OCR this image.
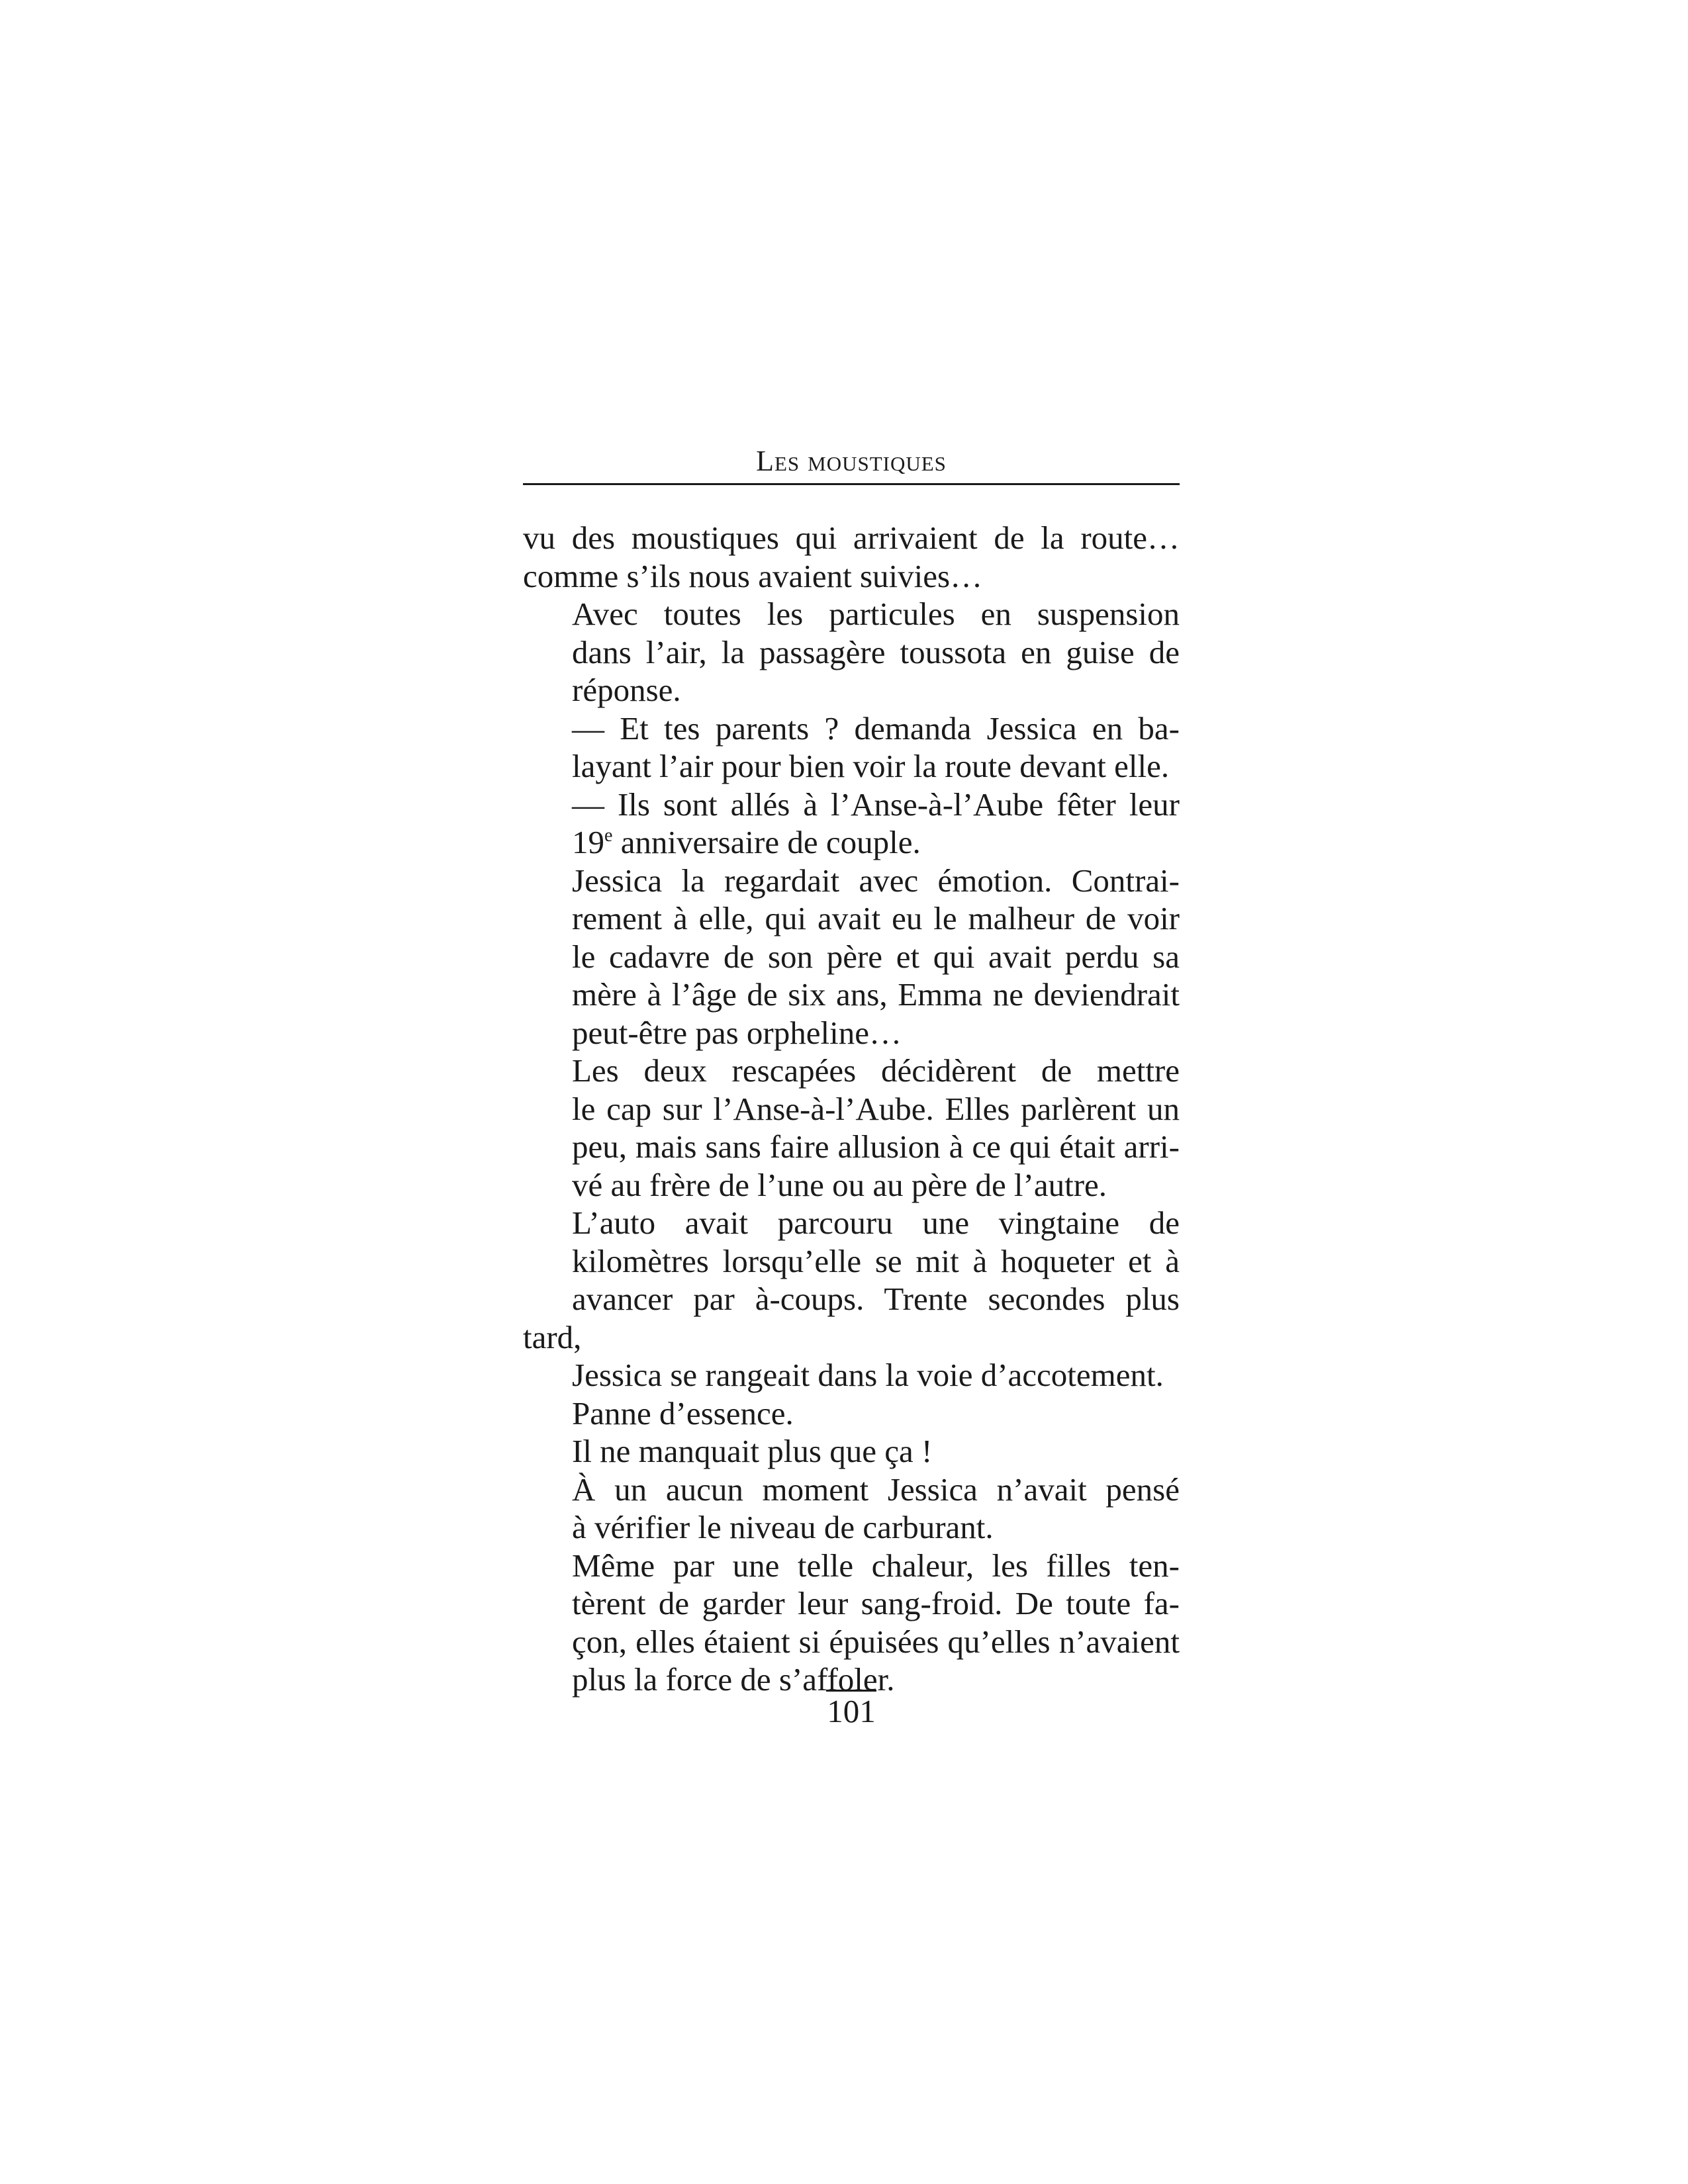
Les moustiques

vu des moustiques qui arrivaient de la route…
comme s’ils nous avaient suivies…

Avec toutes les particules en suspension
dans l’air, la passagère toussota en guise de
réponse.

— Et tes parents ? demanda Jessica en ba-
layant l’air pour bien voir la route devant elle.

— Ils sont allés à l’Anse-à-l’Aube fêter leur
19e anniversaire de couple.

Jessica la regardait avec émotion. Contrai-
rement à elle, qui avait eu le malheur de voir
le cadavre de son père et qui avait perdu sa
mère à l’âge de six ans, Emma ne deviendrait
peut-être pas orpheline…

Les deux rescapées décidèrent de mettre
le cap sur l’Anse-à-l’Aube. Elles parlèrent un
peu, mais sans faire allusion à ce qui était arri-
vé au frère de l’une ou au père de l’autre.

L’auto avait parcouru une vingtaine de
kilomètres lorsqu’elle se mit à hoqueter et à
avancer par à-coups. Trente secondes plus tard,
Jessica se rangeait dans la voie d’accotement.

Panne d’essence.

Il ne manquait plus que ça !

À un aucun moment Jessica n’avait pensé
à vérifier le niveau de carburant.

Même par une telle chaleur, les filles ten-
tèrent de garder leur sang-froid. De toute fa-
çon, elles étaient si épuisées qu’elles n’avaient
plus la force de s’affoler.

101
